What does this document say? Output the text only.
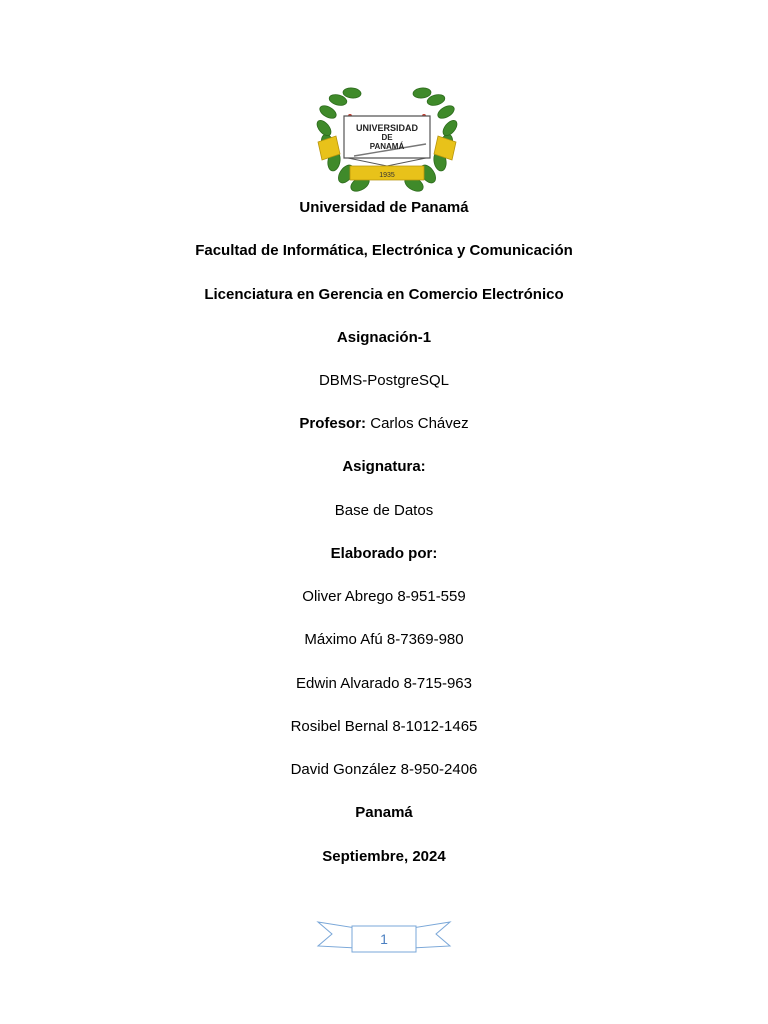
UNIVERSIDAD
DE
PANAMÁ
1935
Universidad de Panamá
Facultad de Informática, Electrónica y Comunicación
Licenciatura en Gerencia en Comercio Electrónico
Asignación-1
DBMS-PostgreSQL
Profesor: Carlos Chávez
Asignatura:
Base de Datos
Elaborado por:
Oliver Abrego 8-951-559
Máximo Afú 8-7369-980
Edwin Alvarado 8-715-963
Rosibel Bernal 8-1012-1465
David González 8-950-2406
Panamá
Septiembre, 2024
1
